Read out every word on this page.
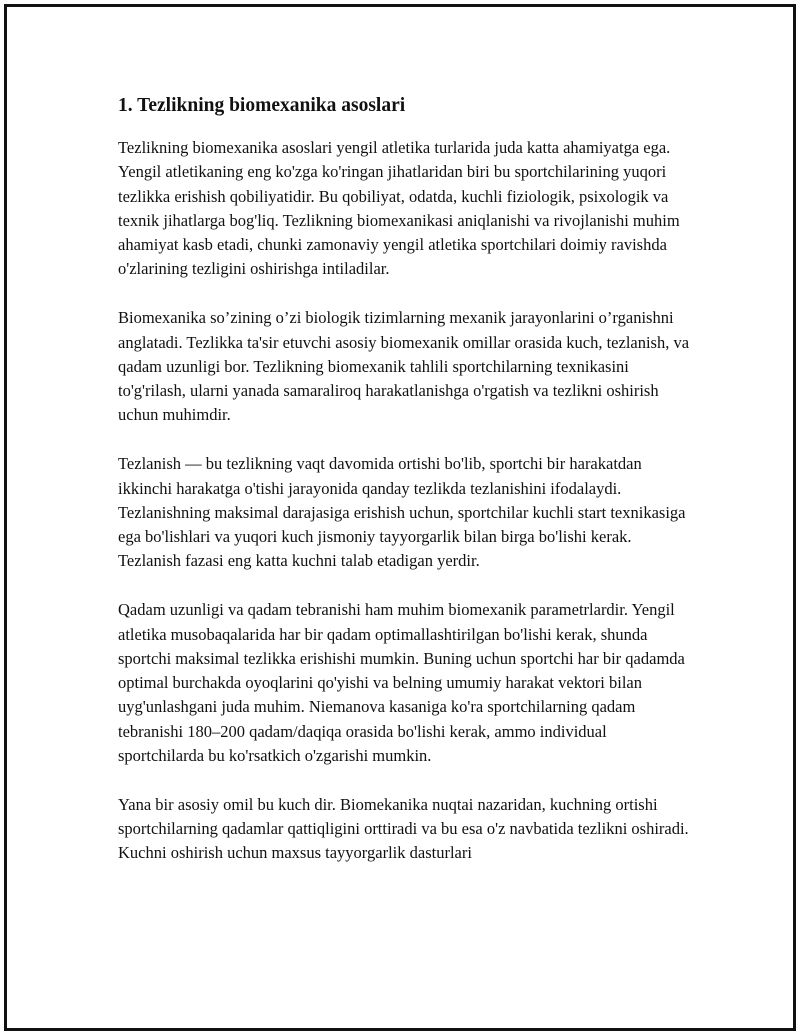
1. Tezlikning biomexanika asoslari

Tezlikning biomexanika asoslari yengil atletika turlarida juda katta ahamiyatga ega. Yengil atletikaning eng ko'zga ko'ringan jihatlaridan biri bu sportchilarining yuqori tezlikka erishish qobiliyatidir. Bu qobiliyat, odatda, kuchli fiziologik, psixologik va texnik jihatlarga bog'liq. Tezlikning biomexanikasi aniqlanishi va rivojlanishi muhim ahamiyat kasb etadi, chunki zamonaviy yengil atletika sportchilari doimiy ravishda o'zlarining tezligini oshirishga intiladilar.

Biomexanika so’zining o’zi biologik tizimlarning mexanik jarayonlarini o’rganishni anglatadi. Tezlikka ta'sir etuvchi asosiy biomexanik omillar orasida kuch, tezlanish, va qadam uzunligi bor. Tezlikning biomexanik tahlili sportchilarning texnikasini to'g'rilash, ularni yanada samaraliroq harakatlanishga o'rgatish va tezlikni oshirish uchun muhimdir.

Tezlanish — bu tezlikning vaqt davomida ortishi bo'lib, sportchi bir harakatdan ikkinchi harakatga o'tishi jarayonida qanday tezlikda tezlanishini ifodalaydi. Tezlanishning maksimal darajasiga erishish uchun, sportchilar kuchli start texnikasiga ega bo'lishlari va yuqori kuch jismoniy tayyorgarlik bilan birga bo'lishi kerak. Tezlanish fazasi eng katta kuchni talab etadigan yerdir.

Qadam uzunligi va qadam tebranishi ham muhim biomexanik parametrlardir. Yengil atletika musobaqalarida har bir qadam optimallashtirilgan bo'lishi kerak, shunda sportchi maksimal tezlikka erishishi mumkin. Buning uchun sportchi har bir qadamda optimal burchakda oyoqlarini qo'yishi va belning umumiy harakat vektori bilan uyg'unlashgani juda muhim. Niemanova kasaniga ko'ra sportchilarning qadam tebranishi 180–200 qadam/daqiqa orasida bo'lishi kerak, ammo individual sportchilarda bu ko'rsatkich o'zgarishi mumkin.

Yana bir asosiy omil bu kuch dir. Biomekanika nuqtai nazaridan, kuchning ortishi sportchilarning qadamlar qattiqligini orttiradi va bu esa o'z navbatida tezlikni oshiradi. Kuchni oshirish uchun maxsus tayyorgarlik dasturlari
